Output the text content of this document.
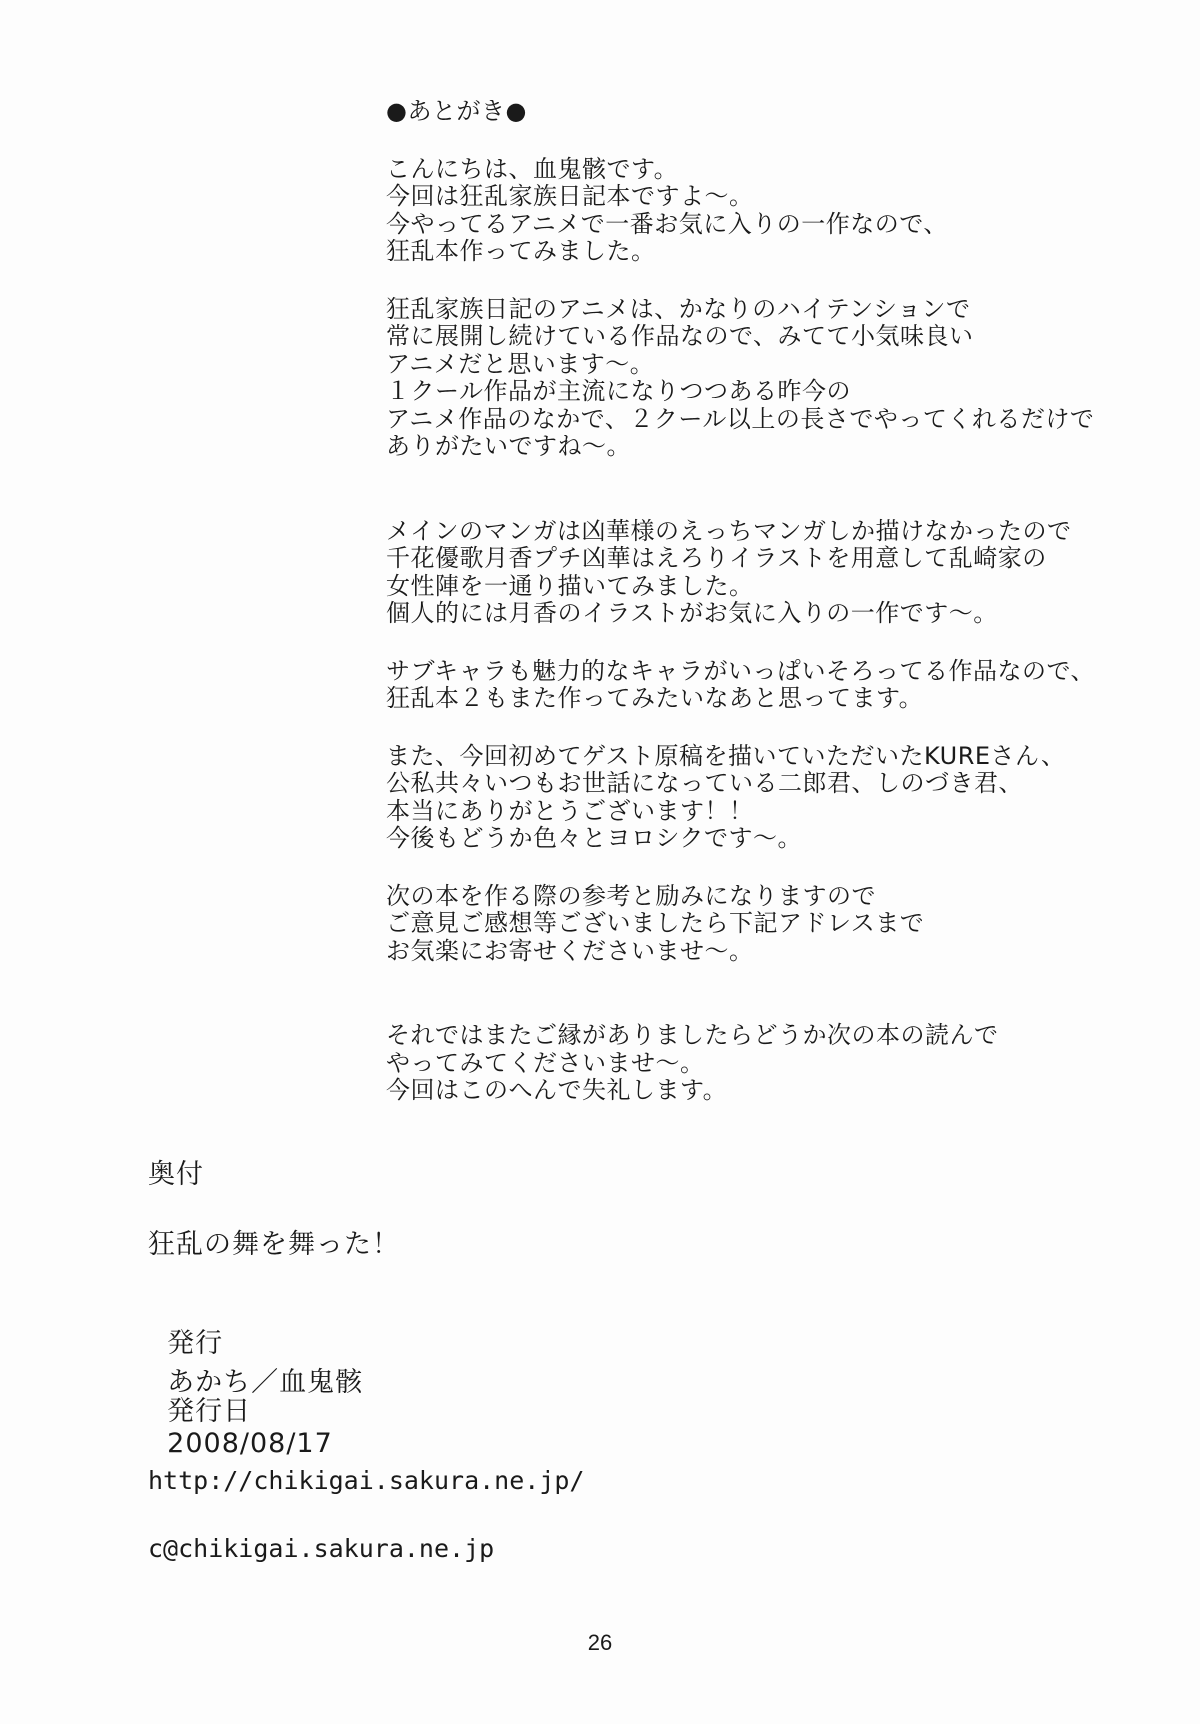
●あとがき●

こんにちは、血鬼骸です。
今回は狂乱家族日記本ですよ～。
今やってるアニメで一番お気に入りの一作なので、
狂乱本作ってみました。

狂乱家族日記のアニメは、かなりのハイテンションで
常に展開し続けている作品なので、みてて小気味良い
アニメだと思います～。
１クール作品が主流になりつつある昨今の
アニメ作品のなかで、２クール以上の長さでやってくれるだけで
ありがたいですね～。

メインのマンガは凶華様のえっちマンガしか描けなかったので
千花優歌月香プチ凶華はえろりイラストを用意して乱崎家の
女性陣を一通り描いてみました。
個人的には月香のイラストがお気に入りの一作です～。

サブキャラも魅力的なキャラがいっぱいそろってる作品なので、
狂乱本２もまた作ってみたいなあと思ってます。

また、今回初めてゲスト原稿を描いていただいたKUREさん、
公私共々いつもお世話になっている二郎君、しのづき君、
本当にありがとうございます！！
今後もどうか色々とヨロシクです～。

次の本を作る際の参考と励みになりますので
ご意見ご感想等ございましたら下記アドレスまで
お気楽にお寄せくださいませ～。

それではまたご縁がありましたらどうか次の本の読んで
やってみてくださいませ～。
今回はこのへんで失礼します。

奥付
狂乱の舞を舞った！

発行
あかち／血鬼骸

発行日
2008/08/17

http://chikigai.sakura.ne.jp/
c@chikigai.sakura.ne.jp
26
